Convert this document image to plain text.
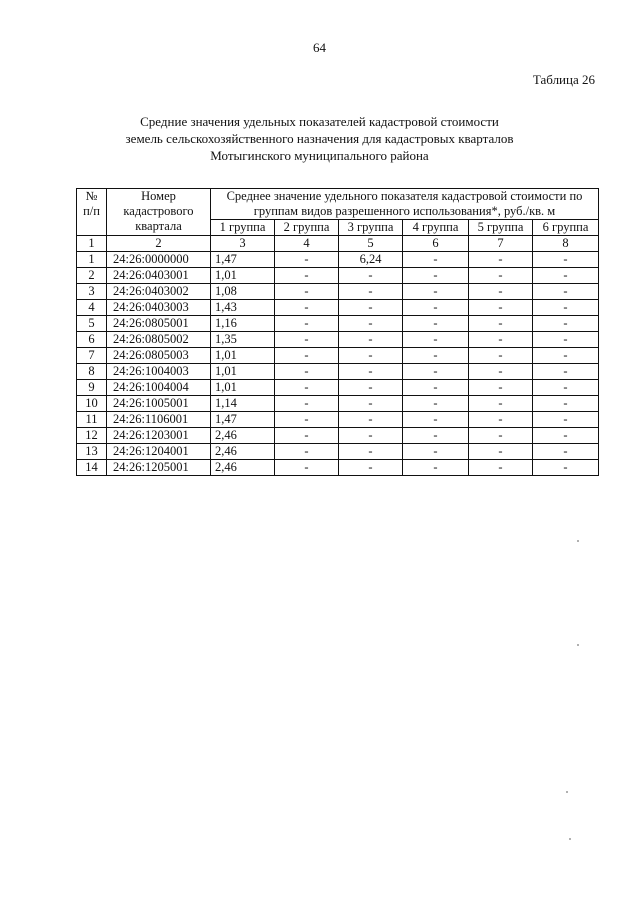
64
Таблица 26
Средние значения удельных показателей кадастровой стоимости
земель сельскохозяйственного назначения для кадастровых кварталов
Мотыгинского муниципального района
№ п/п	Номер кадастрового квартала	Среднее значение удельного показателя кадастровой стоимости по группам видов разрешенного использования*, руб./кв. м					
		1 группа	2 группа	3 группа	4 группа	5 группа	6 группа
1	2	3	4	5	6	7	8
1	24:26:0000000	1,47	-	6,24	-	-	-
2	24:26:0403001	1,01	-	-	-	-	-
3	24:26:0403002	1,08	-	-	-	-	-
4	24:26:0403003	1,43	-	-	-	-	-
5	24:26:0805001	1,16	-	-	-	-	-
6	24:26:0805002	1,35	-	-	-	-	-
7	24:26:0805003	1,01	-	-	-	-	-
8	24:26:1004003	1,01	-	-	-	-	-
9	24:26:1004004	1,01	-	-	-	-	-
10	24:26:1005001	1,14	-	-	-	-	-
11	24:26:1106001	1,47	-	-	-	-	-
12	24:26:1203001	2,46	-	-	-	-	-
13	24:26:1204001	2,46	-	-	-	-	-
14	24:26:1205001	2,46	-	-	-	-	-
